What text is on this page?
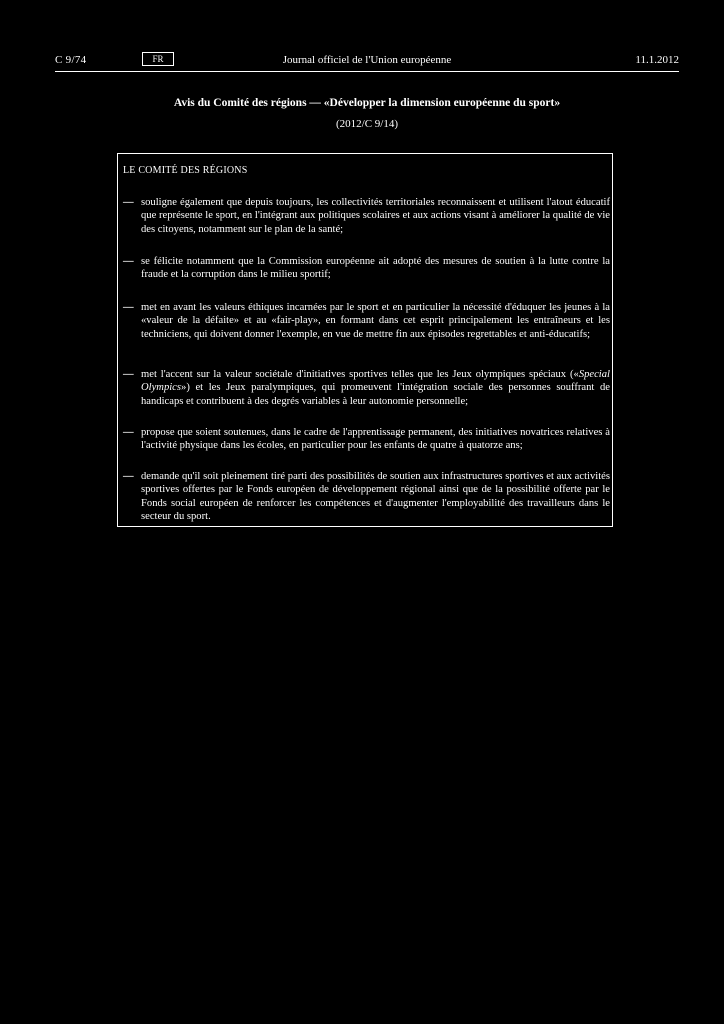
C 9/74	FR	Journal officiel de l'Union européenne	11.1.2012
Avis du Comité des régions — «Développer la dimension européenne du sport»
(2012/C 9/14)
LE COMITÉ DES RÉGIONS
— souligne également que depuis toujours, les collectivités territoriales reconnaissent et utilisent l'atout éducatif que représente le sport, en l'intégrant aux politiques scolaires et aux actions visant à améliorer la qualité de vie des citoyens, notamment sur le plan de la santé;
— se félicite notamment que la Commission européenne ait adopté des mesures de soutien à la lutte contre la fraude et la corruption dans le milieu sportif;
— met en avant les valeurs éthiques incarnées par le sport et en particulier la nécessité d'éduquer les jeunes à la «valeur de la défaite» et au «fair-play», en formant dans cet esprit principalement les entraîneurs et les techniciens, qui doivent donner l'exemple, en vue de mettre fin aux épisodes regrettables et anti-éducatifs;
— met l'accent sur la valeur sociétale d'initiatives sportives telles que les Jeux olympiques spéciaux («Special Olympics») et les Jeux paralympiques, qui promeuvent l'intégration sociale des personnes souffrant de handicaps et contribuent à des degrés variables à leur autonomie personnelle;
— propose que soient soutenues, dans le cadre de l'apprentissage permanent, des initiatives novatrices relatives à l'activité physique dans les écoles, en particulier pour les enfants de quatre à quatorze ans;
— demande qu'il soit pleinement tiré parti des possibilités de soutien aux infrastructures sportives et aux activités sportives offertes par le Fonds européen de développement régional ainsi que de la possibilité offerte par le Fonds social européen de renforcer les compétences et d'augmenter l'employabilité des travailleurs dans le secteur du sport.
